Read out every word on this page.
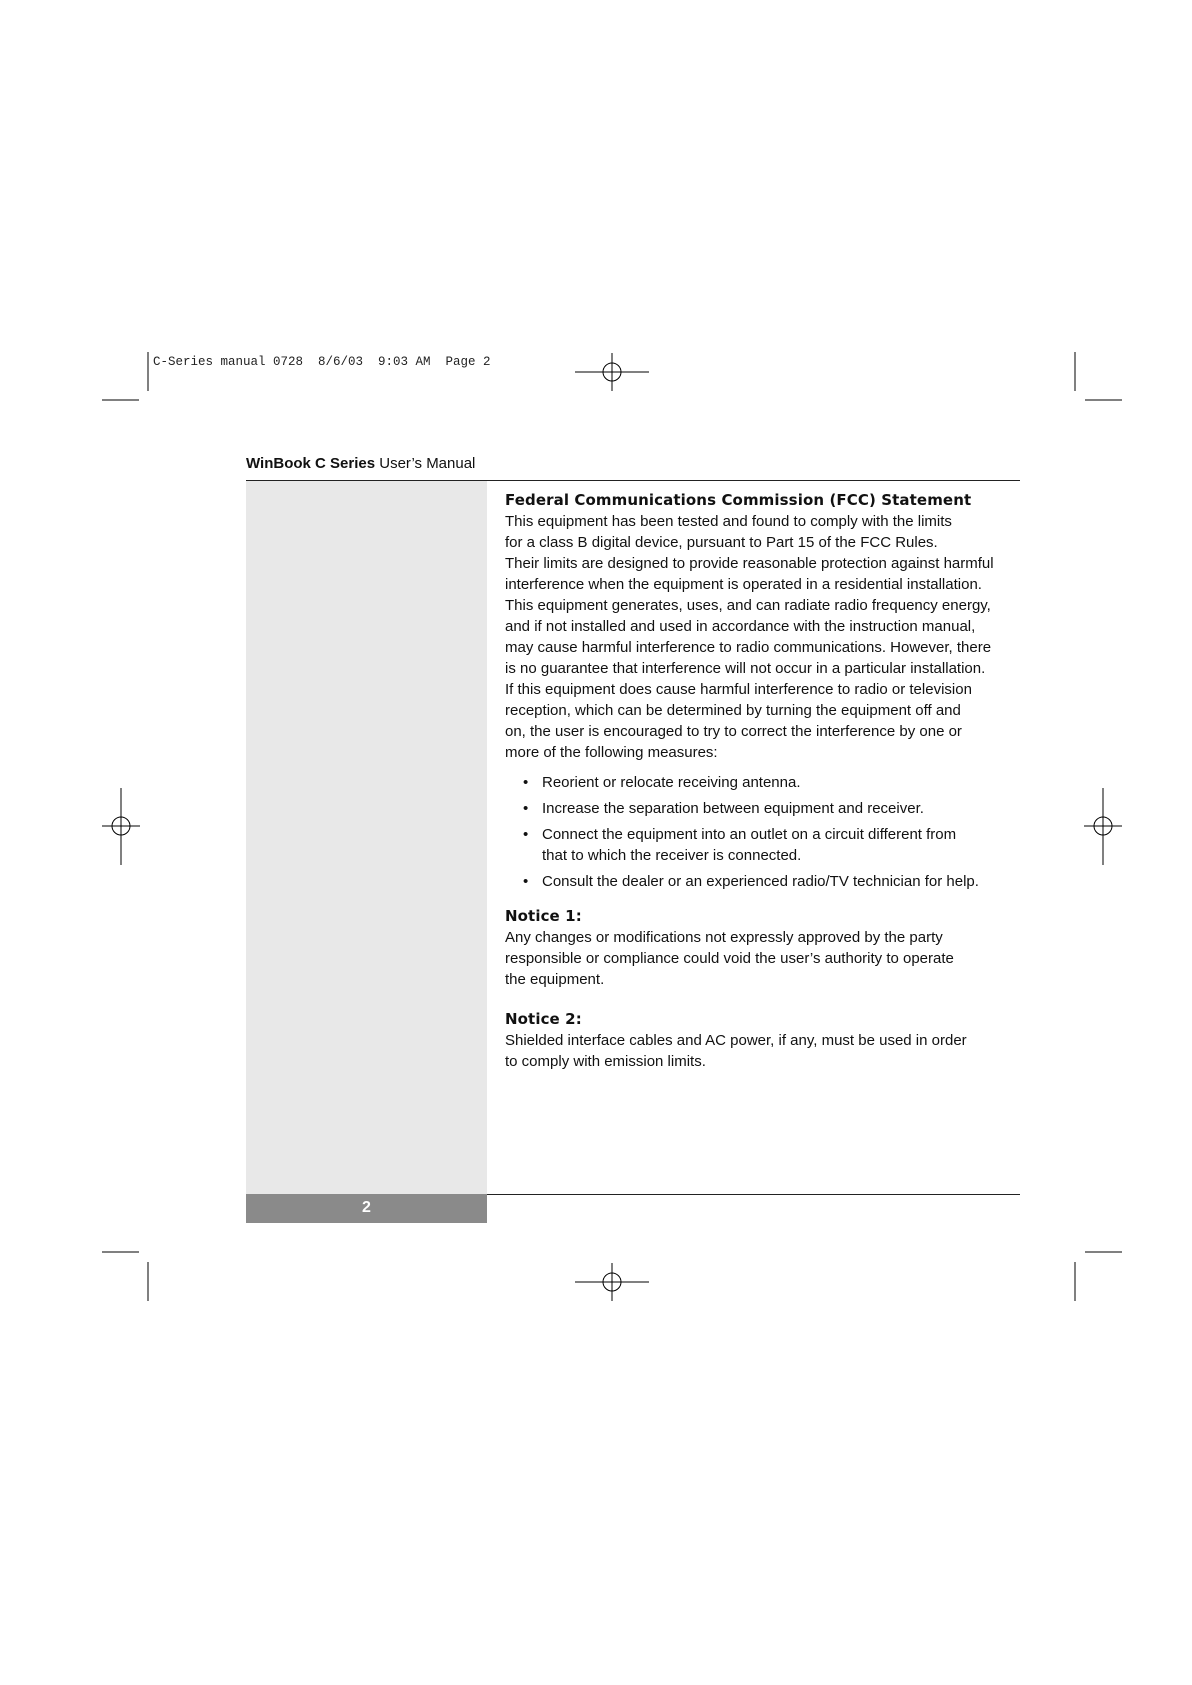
C-Series manual 0728  8/6/03  9:03 AM  Page 2
WinBook C Series User’s Manual
2
Federal Communications Commission (FCC) Statement

This equipment has been tested and found to comply with the limits
for a class B digital device, pursuant to Part 15 of the FCC Rules.
Their limits are designed to provide reasonable protection against harmful
interference when the equipment is operated in a residential installation.
This equipment generates, uses, and can radiate radio frequency energy,
and if not installed and used in accordance with the instruction manual,
may cause harmful interference to radio communications. However, there
is no guarantee that interference will not occur in a particular installation.
If this equipment does cause harmful interference to radio or television
reception, which can be determined by turning the equipment off and
on, the user is encouraged to try to correct the interference by one or
more of the following measures:

• Reorient or relocate receiving antenna.
• Increase the separation between equipment and receiver.
• Connect the equipment into an outlet on a circuit different from
that to which the receiver is connected.
• Consult the dealer or an experienced radio/TV technician for help.
Notice 1:

Any changes or modifications not expressly approved by the party
responsible or compliance could void the user’s authority to operate
the equipment.

Notice 2:

Shielded interface cables and AC power, if any, must be used in order
to comply with emission limits.
